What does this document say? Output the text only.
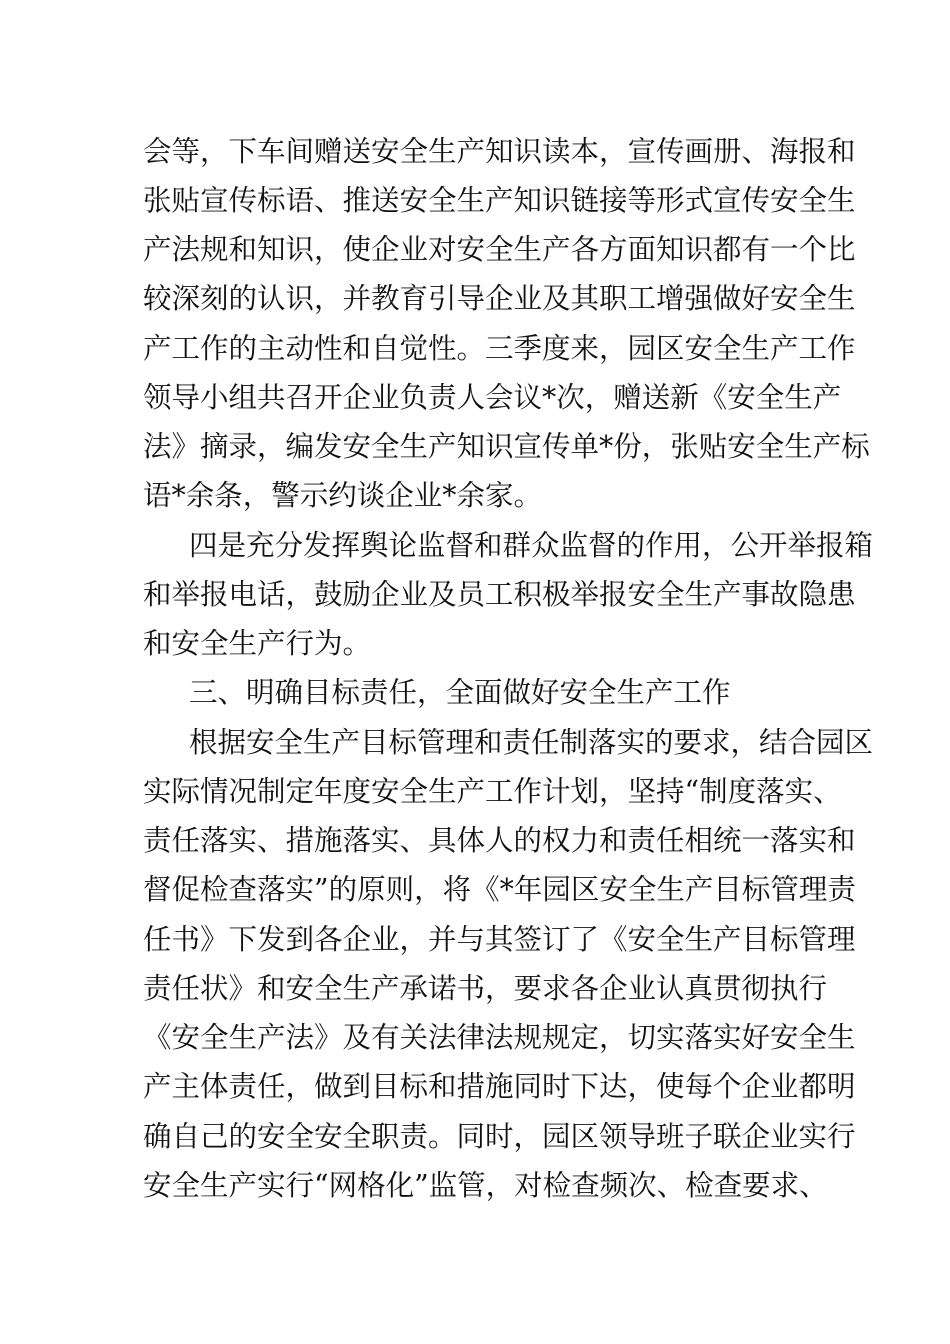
会等，下车间赠送安全生产知识读本，宣传画册、海报和
张贴宣传标语、推送安全生产知识链接等形式宣传安全生
产法规和知识，使企业对安全生产各方面知识都有一个比
较深刻的认识，并教育引导企业及其职工增强做好安全生
产工作的主动性和自觉性。三季度来，园区安全生产工作
领导小组共召开企业负责人会议*次，赠送新《安全生产
法》摘录，编发安全生产知识宣传单*份，张贴安全生产标
语*余条，警示约谈企业*余家。
四是充分发挥舆论监督和群众监督的作用，公开举报箱
和举报电话，鼓励企业及员工积极举报安全生产事故隐患
和安全生产行为。
三、明确目标责任，全面做好安全生产工作
根据安全生产目标管理和责任制落实的要求，结合园区
实际情况制定年度安全生产工作计划，坚持“制度落实、
责任落实、措施落实、具体人的权力和责任相统一落实和
督促检查落实”的原则，将《*年园区安全生产目标管理责
任书》下发到各企业，并与其签订了《安全生产目标管理
责任状》和安全生产承诺书，要求各企业认真贯彻执行
《安全生产法》及有关法律法规规定，切实落实好安全生
产主体责任，做到目标和措施同时下达，使每个企业都明
确自己的安全安全职责。同时，园区领导班子联企业实行
安全生产实行“网格化”监管，对检查频次、检查要求、
